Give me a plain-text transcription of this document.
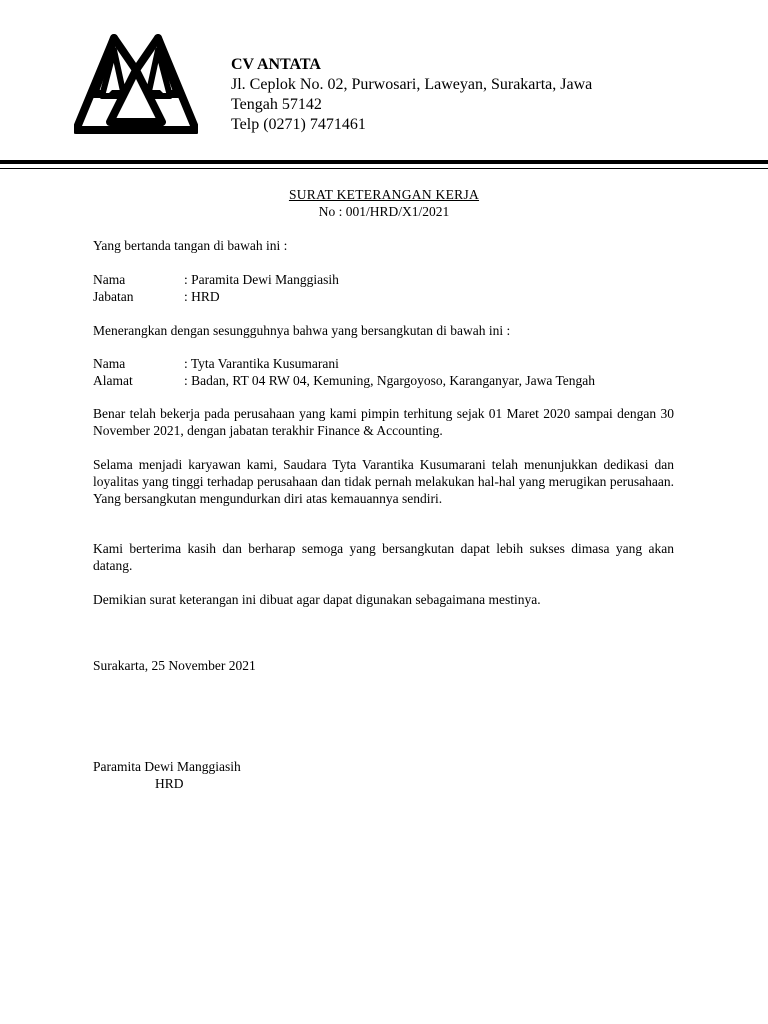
CV ANTATA
Jl. Ceplok No. 02, Purwosari, Laweyan, Surakarta, Jawa
Tengah 57142
Telp (0271) 7471461
SURAT KETERANGAN KERJA
No : 001/HRD/X1/2021
Yang bertanda tangan di bawah ini :
Nama	: Paramita Dewi Manggiasih
Jabatan	: HRD
Menerangkan dengan sesungguhnya bahwa yang bersangkutan di bawah ini :
Nama	: Tyta Varantika Kusumarani
Alamat	: Badan, RT 04 RW 04, Kemuning, Ngargoyoso, Karanganyar, Jawa Tengah
Benar telah bekerja pada perusahaan yang kami pimpin terhitung sejak 01 Maret 2020 sampai dengan 30 November 2021, dengan jabatan terakhir Finance & Accounting.
Selama menjadi karyawan kami, Saudara Tyta Varantika Kusumarani telah menunjukkan dedikasi dan loyalitas yang tinggi terhadap perusahaan dan tidak pernah melakukan hal-hal yang merugikan perusahaan. Yang bersangkutan mengundurkan diri atas kemauannya sendiri.
Kami berterima kasih dan berharap semoga yang bersangkutan dapat lebih sukses dimasa yang akan datang.
Demikian surat keterangan ini dibuat agar dapat digunakan sebagaimana mestinya.
Surakarta, 25 November 2021
Paramita Dewi Manggiasih
HRD
